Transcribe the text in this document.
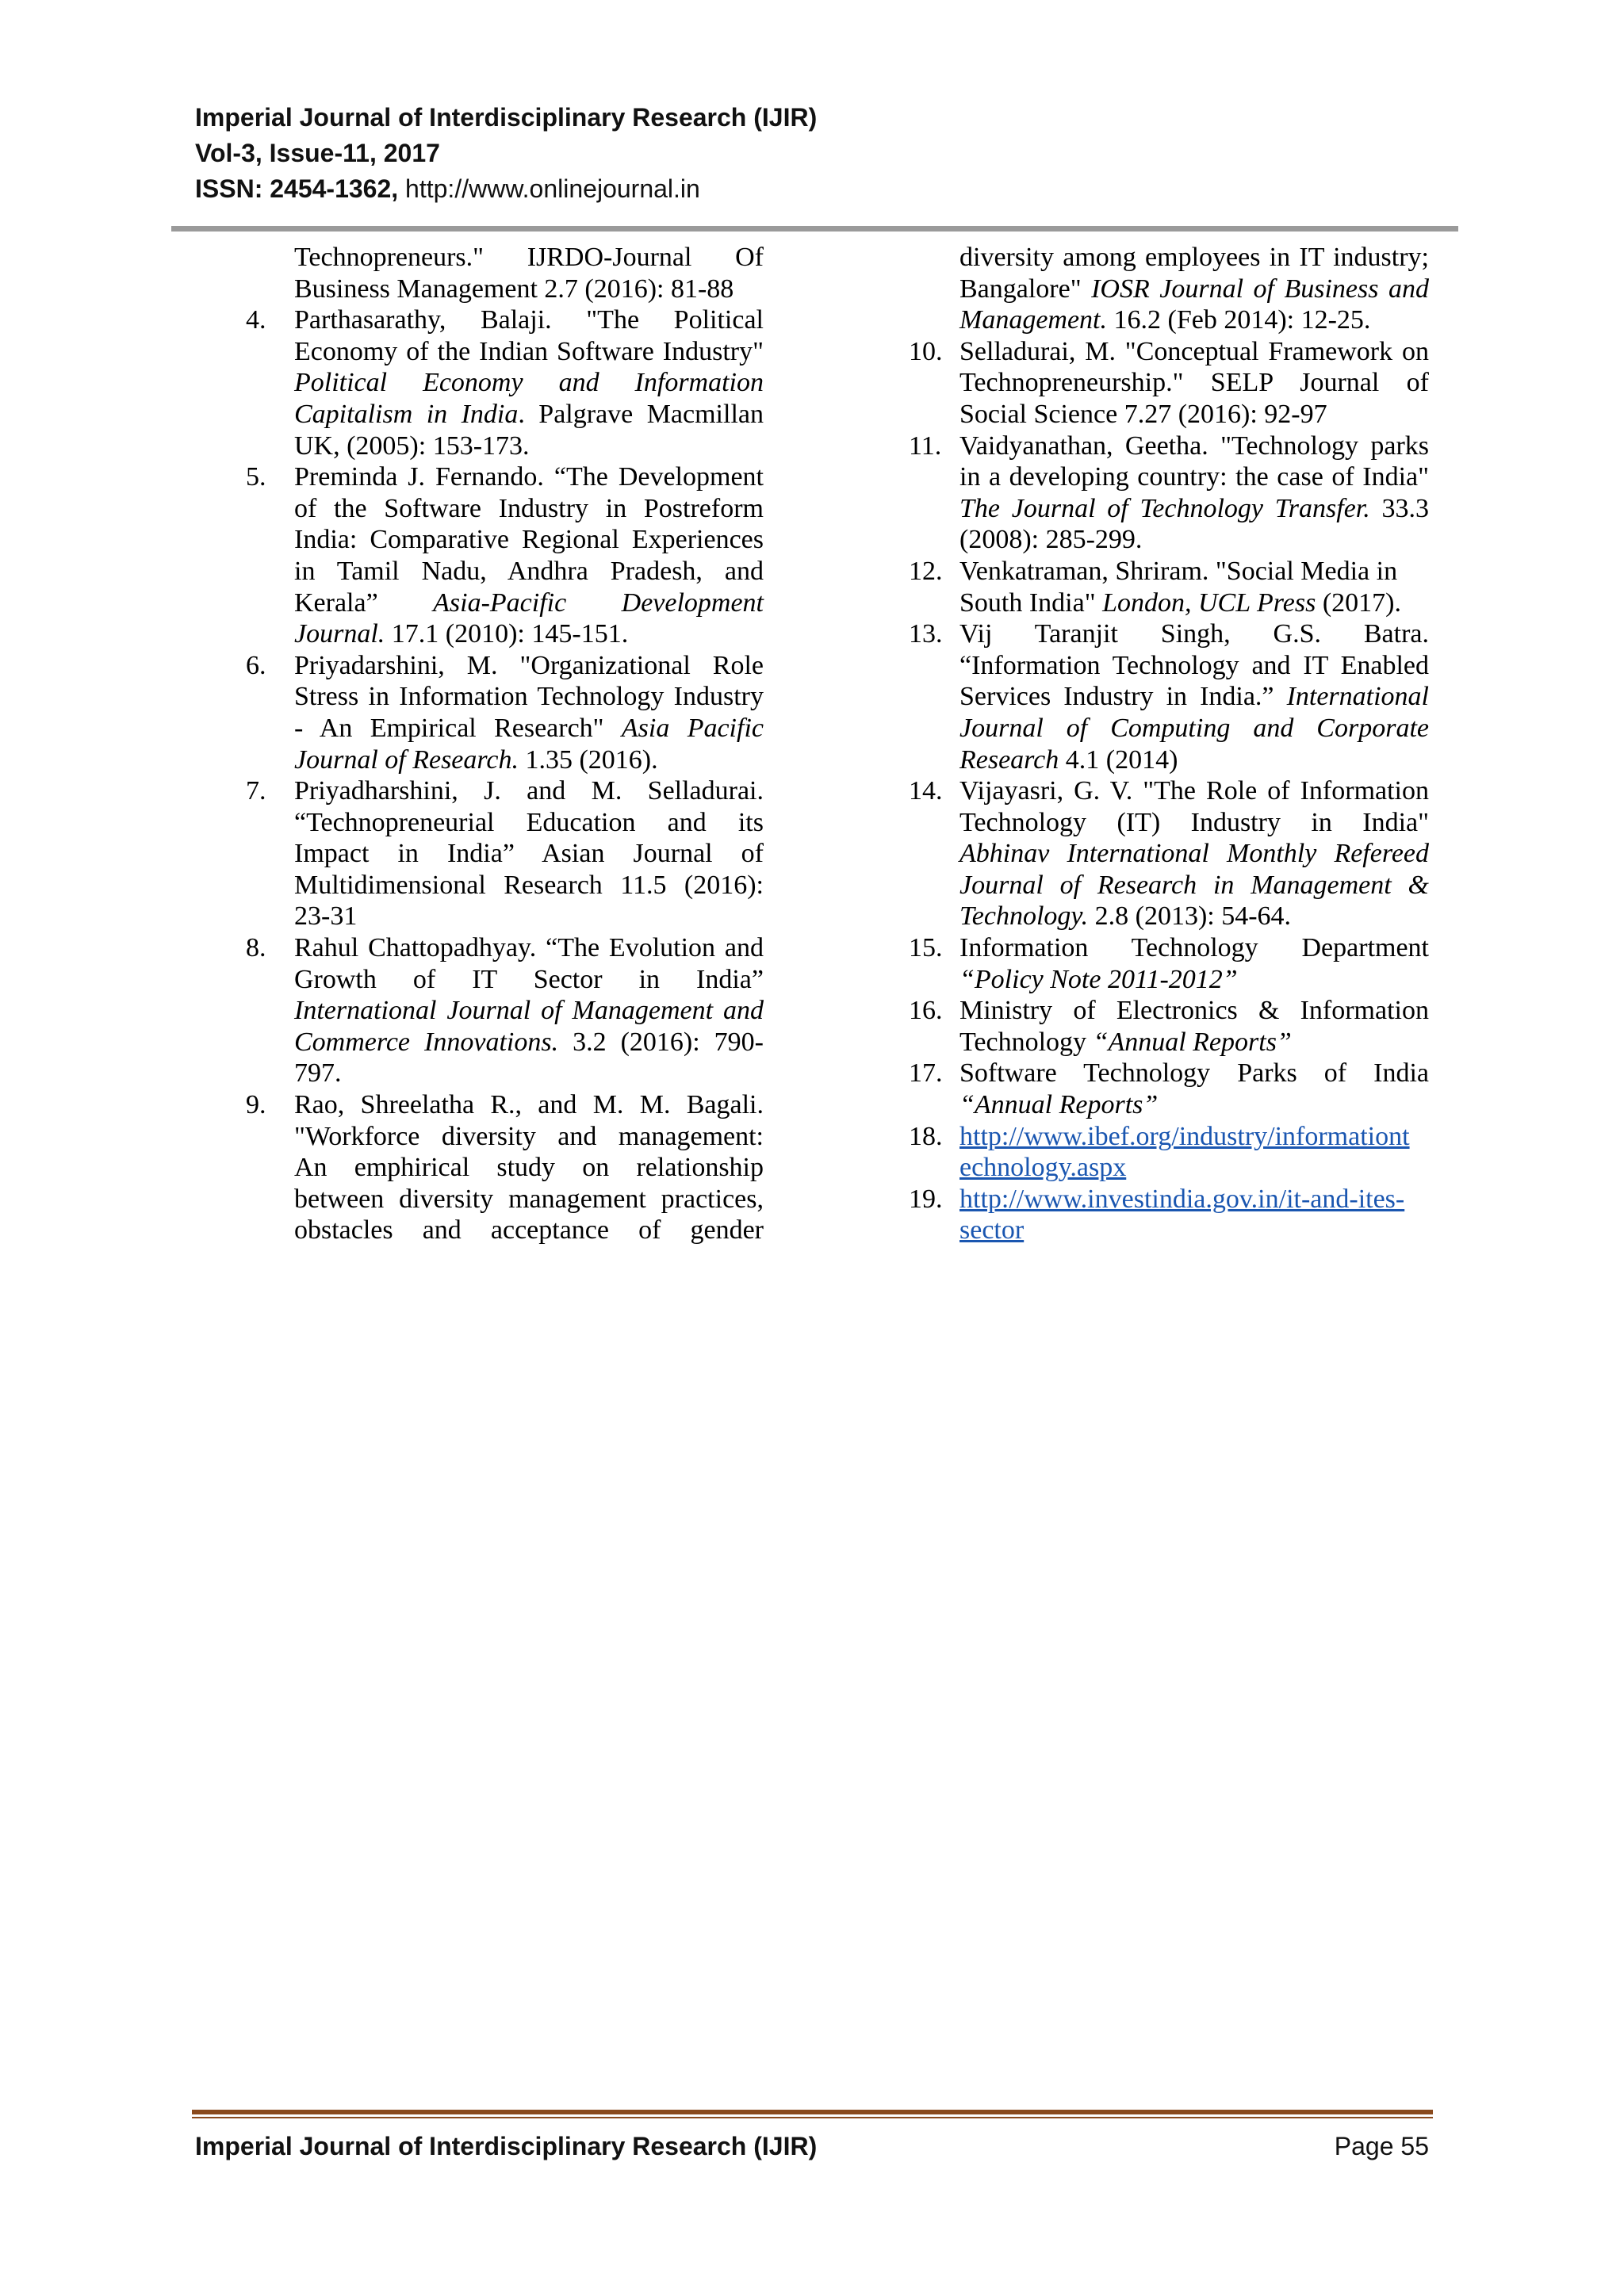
Imperial Journal of Interdisciplinary Research (IJIR)
Vol-3, Issue-11, 2017
ISSN: 2454-1362, http://www.onlinejournal.in
Technopreneurs." IJRDO-Journal Of
Business Management 2.7 (2016): 81-88
4. Parthasarathy, Balaji. "The Political
Economy of the Indian Software Industry"
Political Economy and Information
Capitalism in India. Palgrave Macmillan
UK, (2005): 153-173.
5. Preminda J. Fernando. “The Development
of the Software Industry in Postreform
India: Comparative Regional Experiences
in Tamil Nadu, Andhra Pradesh, and
Kerala” Asia-Pacific Development
Journal. 17.1 (2010): 145-151.
6. Priyadarshini, M. "Organizational Role
Stress in Information Technology Industry
- An Empirical Research" Asia Pacific
Journal of Research. 1.35 (2016).
7. Priyadharshini, J. and M. Selladurai.
“Technopreneurial Education and its
Impact in India” Asian Journal of
Multidimensional Research 11.5 (2016):
23-31
8. Rahul Chattopadhyay. “The Evolution and
Growth of IT Sector in India”
International Journal of Management and
Commerce Innovations. 3.2 (2016): 790-
797.
9. Rao, Shreelatha R., and M. M. Bagali.
"Workforce diversity and management:
An emphirical study on relationship
between diversity management practices,
obstacles and acceptance of gender
diversity among employees in IT industry;
Bangalore" IOSR Journal of Business and
Management. 16.2 (Feb 2014): 12-25.
10. Selladurai, M. "Conceptual Framework on
Technopreneurship." SELP Journal of
Social Science 7.27 (2016): 92-97
11. Vaidyanathan, Geetha. "Technology parks
in a developing country: the case of India"
The Journal of Technology Transfer. 33.3
(2008): 285-299.
12. Venkatraman, Shriram. "Social Media in
South India" London, UCL Press (2017).
13. Vij Taranjit Singh, G.S. Batra.
“Information Technology and IT Enabled
Services Industry in India.” International
Journal of Computing and Corporate
Research 4.1 (2014)
14. Vijayasri, G. V. "The Role of Information
Technology (IT) Industry in India"
Abhinav International Monthly Refereed
Journal of Research in Management &
Technology. 2.8 (2013): 54-64.
15. Information Technology Department
“Policy Note 2011-2012”
16. Ministry of Electronics & Information
Technology “Annual Reports”
17. Software Technology Parks of India
“Annual Reports”
18. http://www.ibef.org/industry/informationt
echnology.aspx
19. http://www.investindia.gov.in/it-and-ites-
sector
Imperial Journal of Interdisciplinary Research (IJIR)	Page 55
